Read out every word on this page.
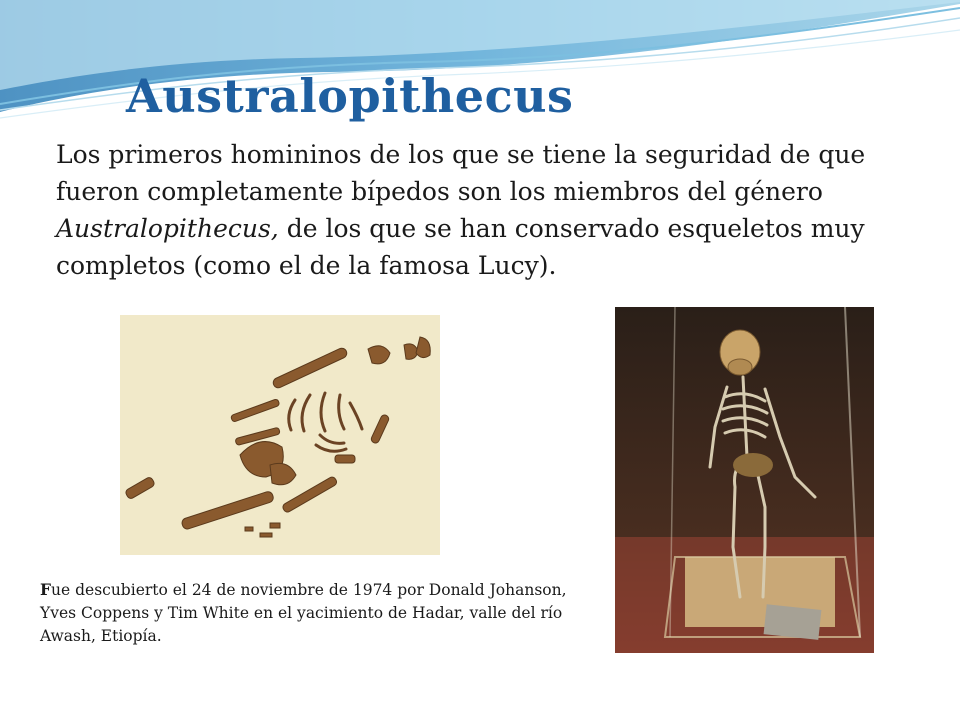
Australopithecus

Los primeros homininos de los que se tiene la seguridad de que fueron completamente bípedos son los miembros del género Australopithecus, de los que se han conservado esqueletos muy completos (como el de la famosa Lucy).

Fue descubierto el 24 de noviembre de 1974 por Donald Johanson, Yves Coppens y Tim White en el yacimiento de Hadar, valle del río Awash, Etiopía.
